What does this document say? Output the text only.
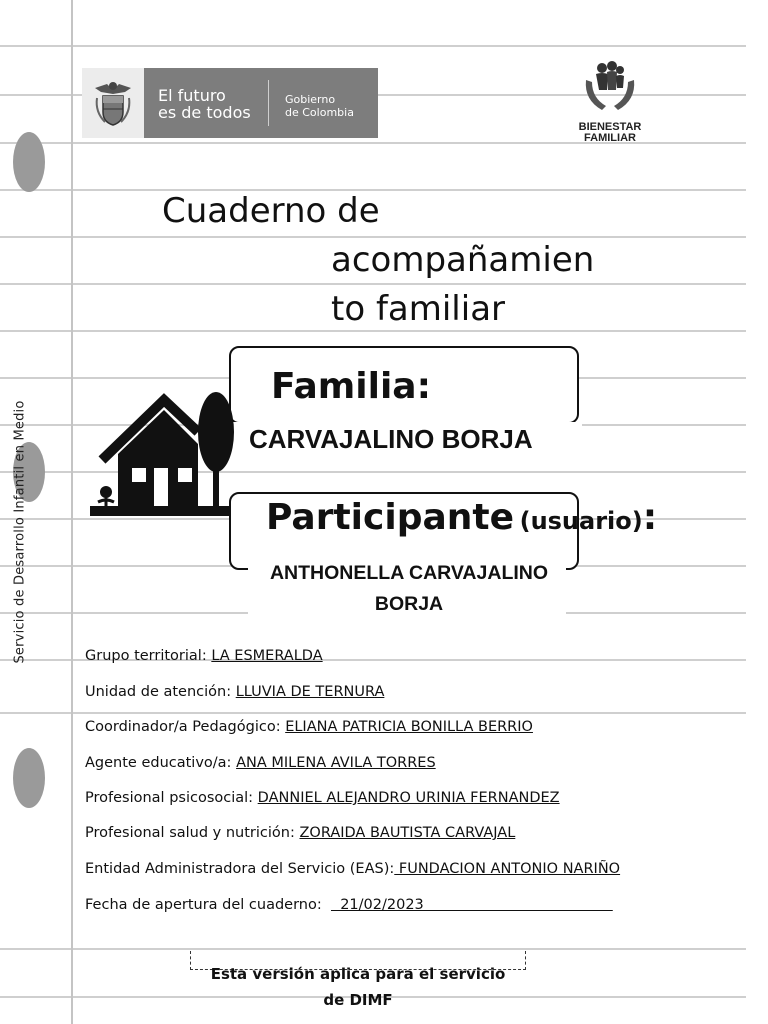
Servicio de Desarrollo Infantil en Medio
El futuro
es de todos
Gobierno
de Colombia
BIENESTAR
FAMILIAR
Cuaderno de
acompañamien
to familiar
Familia:
CARVAJALINO BORJA
Participante (usuario):
ANTHONELLA CARVAJALINO
BORJA
Grupo territorial: LA ESMERALDA
Unidad de atención: LLUVIA DE TERNURA
Coordinador/a Pedagógico: ELIANA PATRICIA BONILLA BERRIO
Agente educativo/a: ANA MILENA AVILA TORRES
Profesional psicosocial: DANNIEL ALEJANDRO URINIA FERNANDEZ
Profesional salud y nutrición: ZORAIDA BAUTISTA CARVAJAL
Entidad Administradora del Servicio (EAS): FUNDACION ANTONIO NARIÑO
Fecha de apertura del cuaderno:    21/02/2023
Esta versión aplica para el servicio
de DIMF
